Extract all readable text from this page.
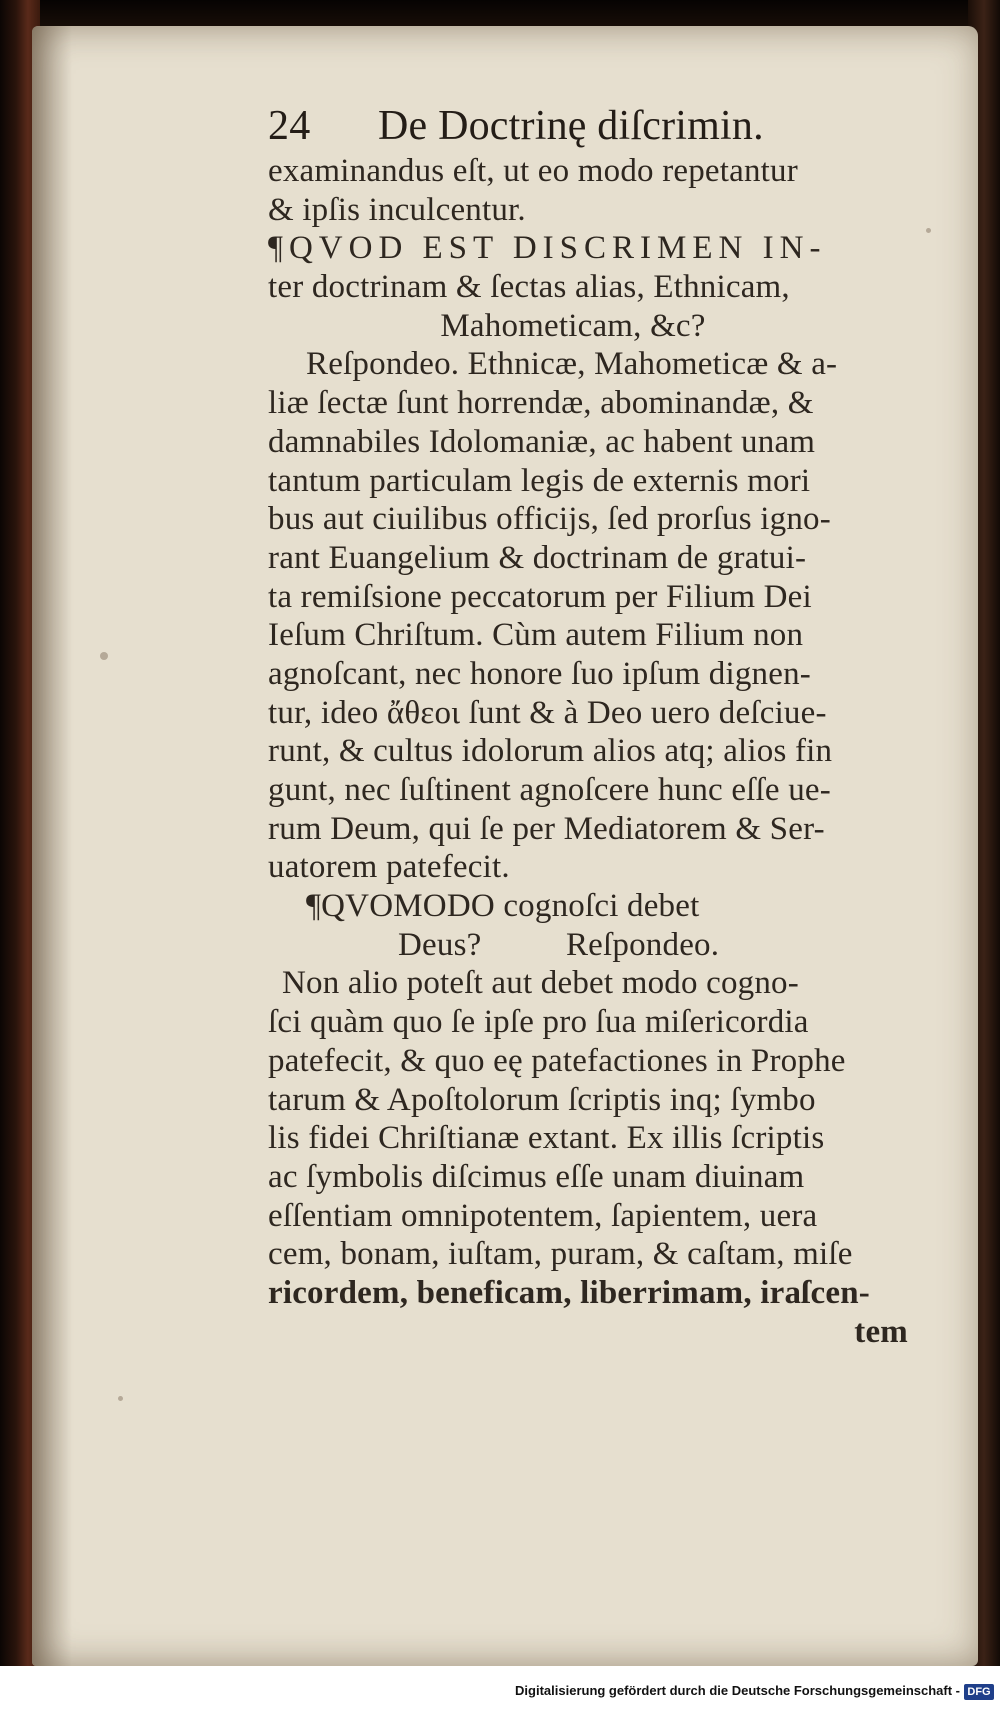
24 De Doctrinę diſcrimin.
examinandus eſt, ut eo modo repetantur
& ipſis inculcentur.
¶QVOD EST DISCRIMEN IN-
ter doctrinam & ſectas alias, Ethnicam,
Mahometicam, &c?
Reſpondeo. Ethnicæ, Mahometicæ & a-
liæ ſectæ ſunt horrendæ, abominandæ, &
damnabiles Idolomaniæ, ac habent unam
tantum particulam legis de externis mori
bus aut ciuilibus officijs, ſed prorſus igno-
rant Euangelium & doctrinam de gratui-
ta remiſsione peccatorum per Filium Dei
Ieſum Chriſtum. Cùm autem Filium non
agnoſcant, nec honore ſuo ipſum dignen-
tur, ideo ἄθεοι ſunt & à Deo uero deſciue-
runt, & cultus idolorum alios atq; alios fin
gunt, nec ſuſtinent agnoſcere hunc eſſe ue-
rum Deum, qui ſe per Mediatorem & Ser-
uatorem patefecit.
¶QVOMODO cognoſci debet
Deus?          Reſpondeo.
Non alio poteſt aut debet modo cogno-
ſci quàm quo ſe ipſe pro ſua miſericordia
patefecit, & quo eę patefactiones in Prophe
tarum & Apoſtolorum ſcriptis inq; ſymbo
lis fidei Chriſtianæ extant. Ex illis ſcriptis
ac ſymbolis diſcimus eſſe unam diuinam
eſſentiam omnipotentem, ſapientem, uera
cem, bonam, iuſtam, puram, & caſtam, miſe
ricordem, beneficam, liberrimam, iraſcen-
tem
Digitalisierung gefördert durch die Deutsche Forschungsgemeinschaft - DFG
